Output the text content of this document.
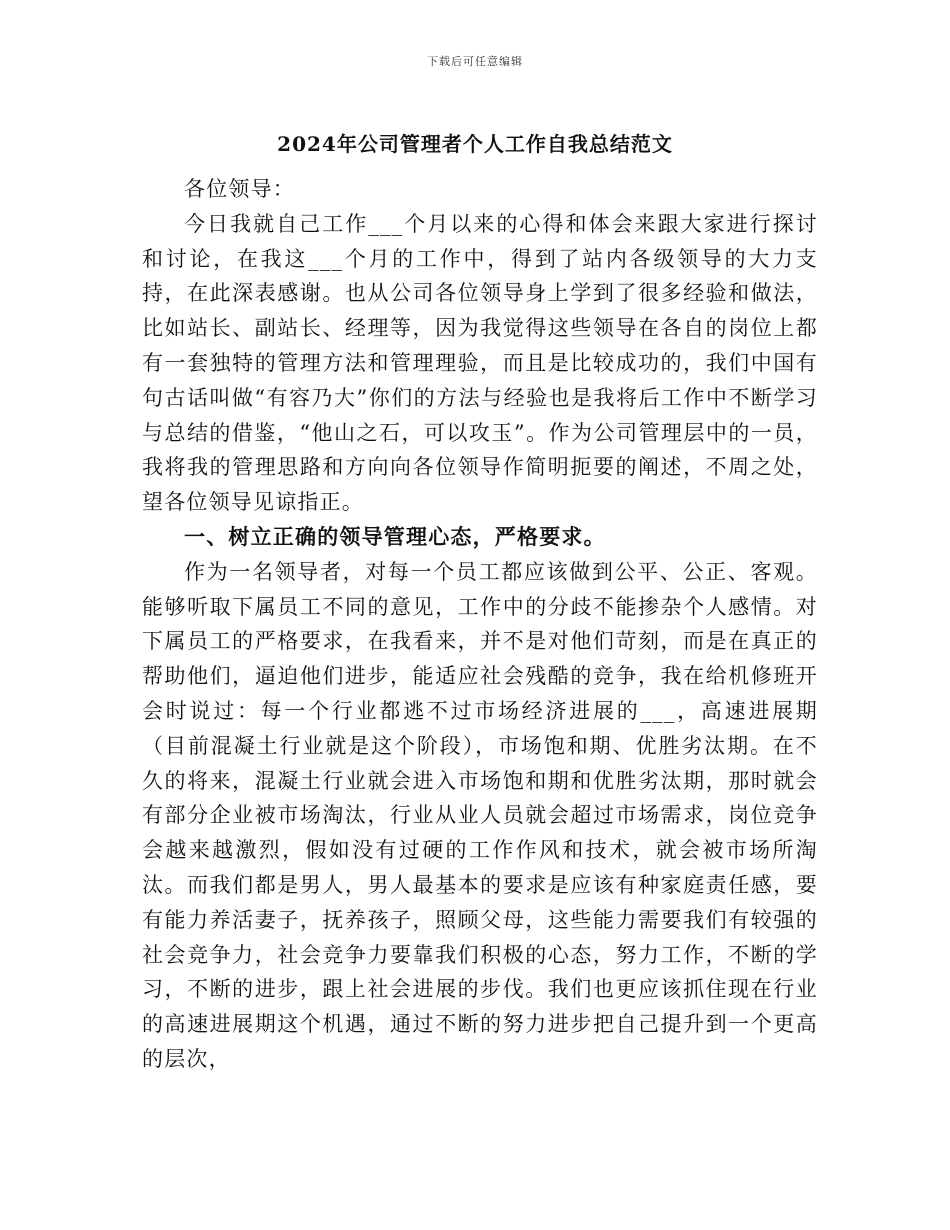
下载后可任意编辑
2024年公司管理者个人工作自我总结范文

各位领导：

今日我就自己工作___个月以来的心得和体会来跟大家进行探讨和讨论，在我这___个月的工作中，得到了站内各级领导的大力支持，在此深表感谢。也从公司各位领导身上学到了很多经验和做法，比如站长、副站长、经理等，因为我觉得这些领导在各自的岗位上都有一套独特的管理方法和管理理验，而且是比较成功的，我们中国有句古话叫做“有容乃大”你们的方法与经验也是我将后工作中不断学习与总结的借鉴，“他山之石，可以攻玉”。作为公司管理层中的一员，我将我的管理思路和方向向各位领导作简明扼要的阐述，不周之处，望各位领导见谅指正。

一、树立正确的领导管理心态，严格要求。

作为一名领导者，对每一个员工都应该做到公平、公正、客观。能够听取下属员工不同的意见，工作中的分歧不能掺杂个人感情。对下属员工的严格要求，在我看来，并不是对他们苛刻，而是在真正的帮助他们，逼迫他们进步，能适应社会残酷的竞争，我在给机修班开会时说过：每一个行业都逃不过市场经济进展的___，高速进展期（目前混凝土行业就是这个阶段），市场饱和期、优胜劣汰期。在不久的将来，混凝土行业就会进入市场饱和期和优胜劣汰期，那时就会有部分企业被市场淘汰，行业从业人员就会超过市场需求，岗位竞争会越来越激烈，假如没有过硬的工作作风和技术，就会被市场所淘汰。而我们都是男人，男人最基本的要求是应该有种家庭责任感，要有能力养活妻子，抚养孩子，照顾父母，这些能力需要我们有较强的社会竞争力，社会竞争力要靠我们积极的心态，努力工作，不断的学习，不断的进步，跟上社会进展的步伐。我们也更应该抓住现在行业的高速进展期这个机遇，通过不断的努力进步把自己提升到一个更高的层次，
